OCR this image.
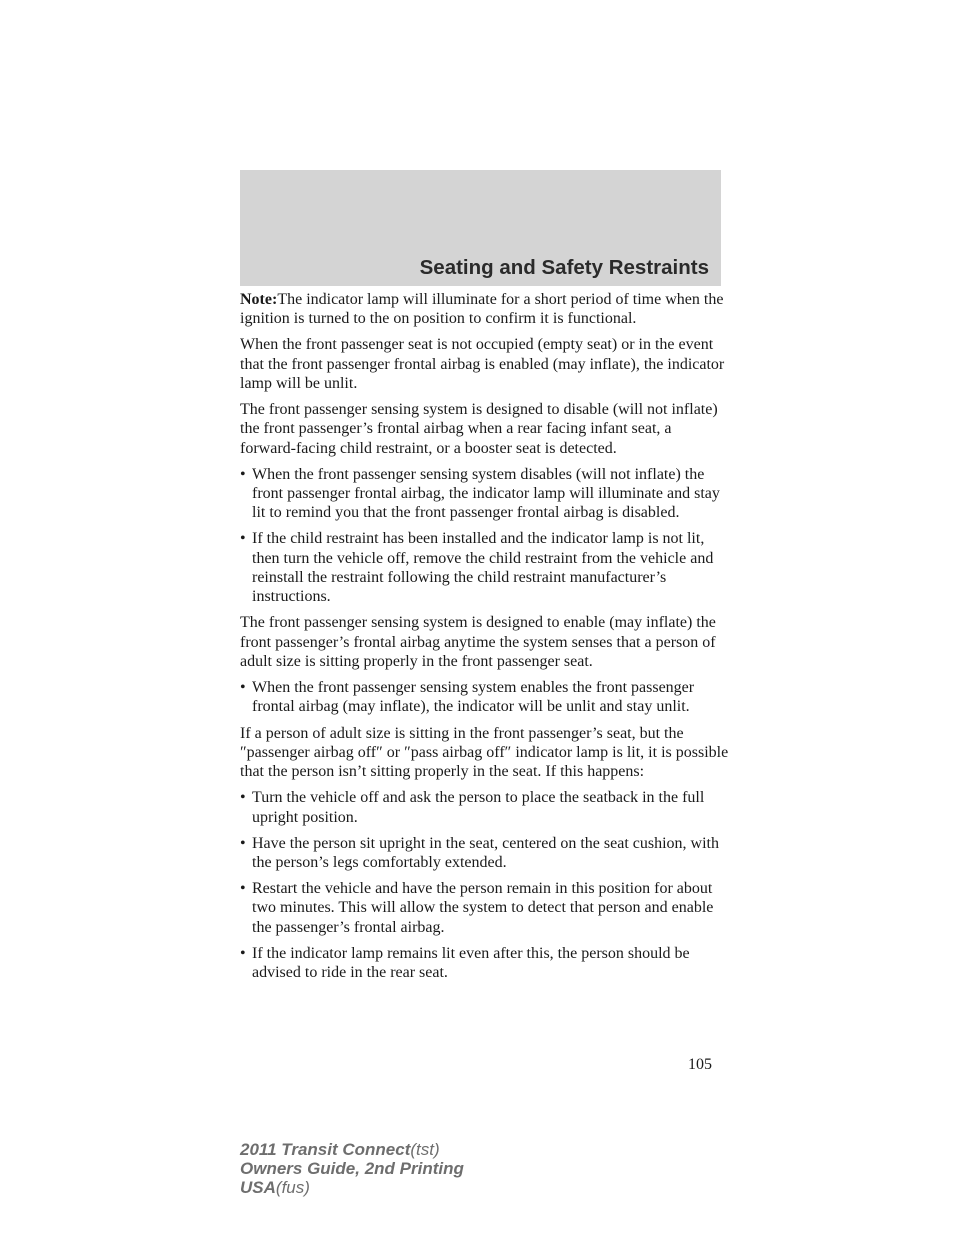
Seating and Safety Restraints

Note:The indicator lamp will illuminate for a short period of time when the ignition is turned to the on position to confirm it is functional.

When the front passenger seat is not occupied (empty seat) or in the event that the front passenger frontal airbag is enabled (may inflate), the indicator lamp will be unlit.

The front passenger sensing system is designed to disable (will not inflate) the front passenger’s frontal airbag when a rear facing infant seat, a forward-facing child restraint, or a booster seat is detected.

• When the front passenger sensing system disables (will not inflate) the front passenger frontal airbag, the indicator lamp will illuminate and stay lit to remind you that the front passenger frontal airbag is disabled.
• If the child restraint has been installed and the indicator lamp is not lit, then turn the vehicle off, remove the child restraint from the vehicle and reinstall the restraint following the child restraint manufacturer’s instructions.

The front passenger sensing system is designed to enable (may inflate) the front passenger’s frontal airbag anytime the system senses that a person of adult size is sitting properly in the front passenger seat.

• When the front passenger sensing system enables the front passenger frontal airbag (may inflate), the indicator will be unlit and stay unlit.

If a person of adult size is sitting in the front passenger’s seat, but the ″passenger airbag off″ or ″pass airbag off″ indicator lamp is lit, it is possible that the person isn’t sitting properly in the seat. If this happens:

• Turn the vehicle off and ask the person to place the seatback in the full upright position.
• Have the person sit upright in the seat, centered on the seat cushion, with the person’s legs comfortably extended.
• Restart the vehicle and have the person remain in this position for about two minutes. This will allow the system to detect that person and enable the passenger’s frontal airbag.
• If the indicator lamp remains lit even after this, the person should be advised to ride in the rear seat.
105
2011 Transit Connect(tst)
Owners Guide, 2nd Printing
USA(fus)
